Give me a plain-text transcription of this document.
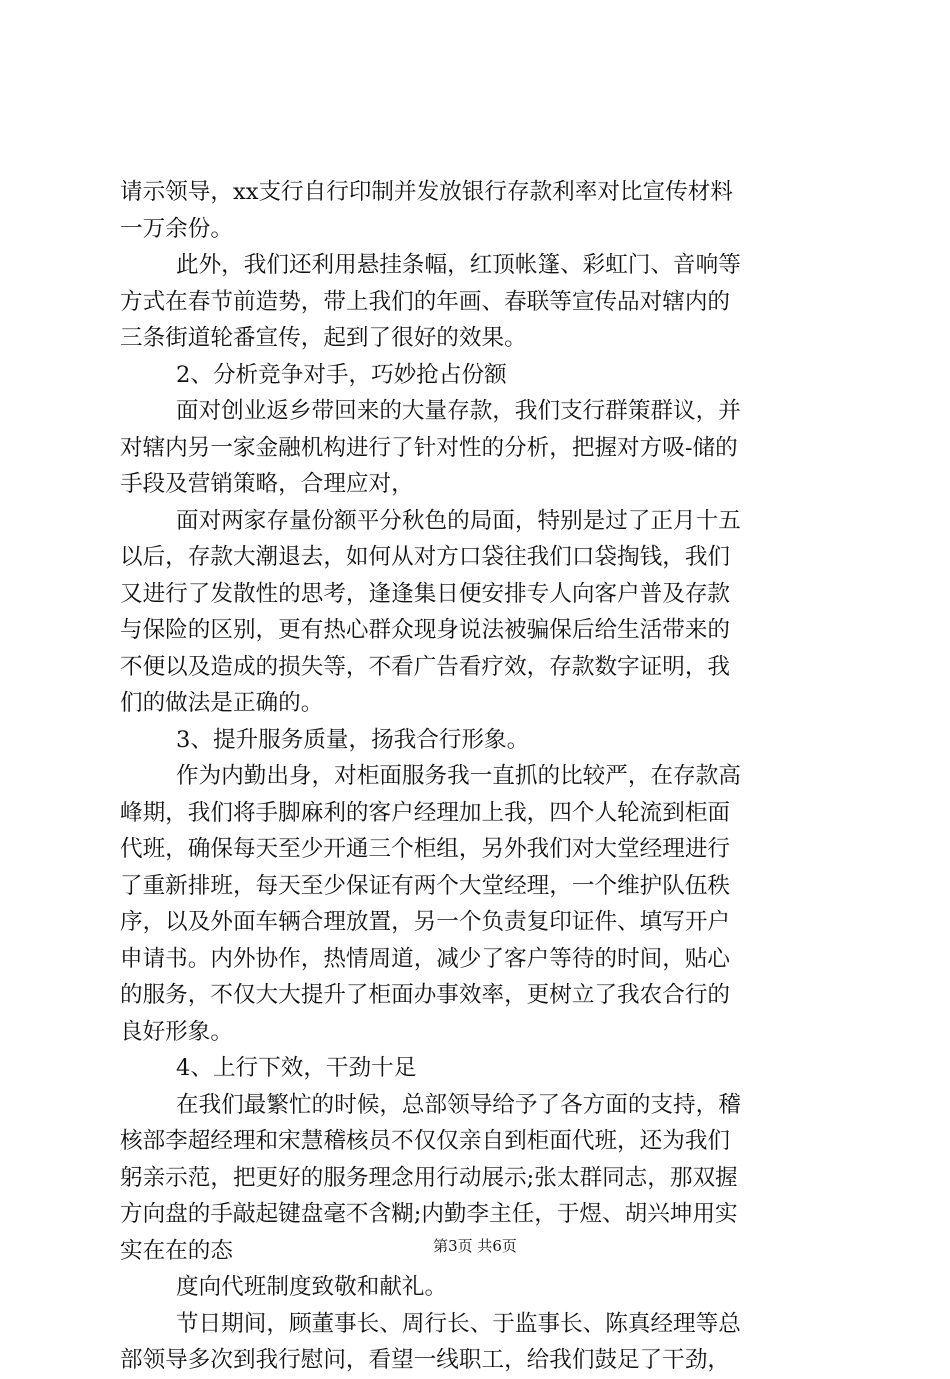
请示领导，xx支行自行印制并发放银行存款利率对比宣传材料
一万余份。
此外，我们还利用悬挂条幅，红顶帐篷、彩虹门、音响等
方式在春节前造势，带上我们的年画、春联等宣传品对辖内的
三条街道轮番宣传，起到了很好的效果。
2、分析竞争对手，巧妙抢占份额
面对创业返乡带回来的大量存款，我们支行群策群议，并
对辖内另一家金融机构进行了针对性的分析，把握对方吸-储的
手段及营销策略，合理应对，
面对两家存量份额平分秋色的局面，特别是过了正月十五
以后，存款大潮退去，如何从对方口袋往我们口袋掏钱，我们
又进行了发散性的思考，逢逢集日便安排专人向客户普及存款
与保险的区别，更有热心群众现身说法被骗保后给生活带来的
不便以及造成的损失等，不看广告看疗效，存款数字证明，我
们的做法是正确的。
3、提升服务质量，扬我合行形象。
作为内勤出身，对柜面服务我一直抓的比较严，在存款高
峰期，我们将手脚麻利的客户经理加上我，四个人轮流到柜面
代班，确保每天至少开通三个柜组，另外我们对大堂经理进行
了重新排班，每天至少保证有两个大堂经理，一个维护队伍秩
序，以及外面车辆合理放置，另一个负责复印证件、填写开户
申请书。内外协作，热情周道，减少了客户等待的时间，贴心
的服务，不仅大大提升了柜面办事效率，更树立了我农合行的
良好形象。
4、上行下效，干劲十足
在我们最繁忙的时候，总部领导给予了各方面的支持，稽
核部李超经理和宋慧稽核员不仅仅亲自到柜面代班，还为我们
躬亲示范，把更好的服务理念用行动展示;张太群同志，那双握
方向盘的手敲起键盘毫不含糊;内勤李主任，于煜、胡兴坤用实
实在在的态
度向代班制度致敬和献礼。
节日期间，顾董事长、周行长、于监事长、陈真经理等总
部领导多次到我行慰问，看望一线职工，给我们鼓足了干劲，
第3页 共6页
